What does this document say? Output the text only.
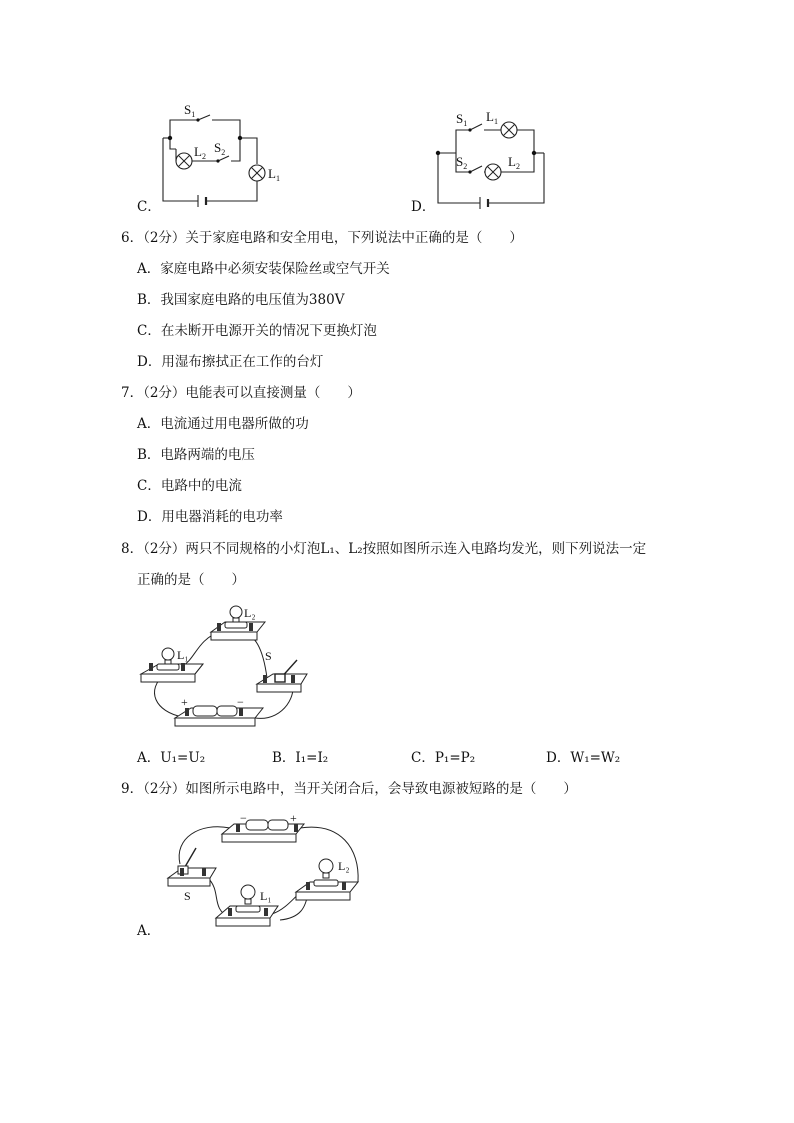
$S_1$
$L_2$
$S_2$
$L_1$
C．
$S_1$ $L_1$
$S_2$	$L_2$
D．
6．（2分）关于家庭电路和安全用电，下列说法中正确的是（　　）
A．家庭电路中必须安装保险丝或空气开关
B．我国家庭电路的电压值为380V
C．在未断开电源开关的情况下更换灯泡
D．用湿布擦拭正在工作的台灯
7．（2分）电能表可以直接测量（　　）
A．电流通过用电器所做的功
B．电路两端的电压
C．电路中的电流
D．用电器消耗的电功率
8．（2分）两只不同规格的小灯泡L₁、L₂按照如图所示连入电路均发光，则下列说法一定
正确的是（　　）
L₁
L₂
S
+	−
A．U₁=U₂	B．I₁=I₂	C．P₁=P₂	D．W₁=W₂
9．（2分）如图所示电路中，当开关闭合后，会导致电源被短路的是（　　）
−	+
S	L₁
L₂
A．
